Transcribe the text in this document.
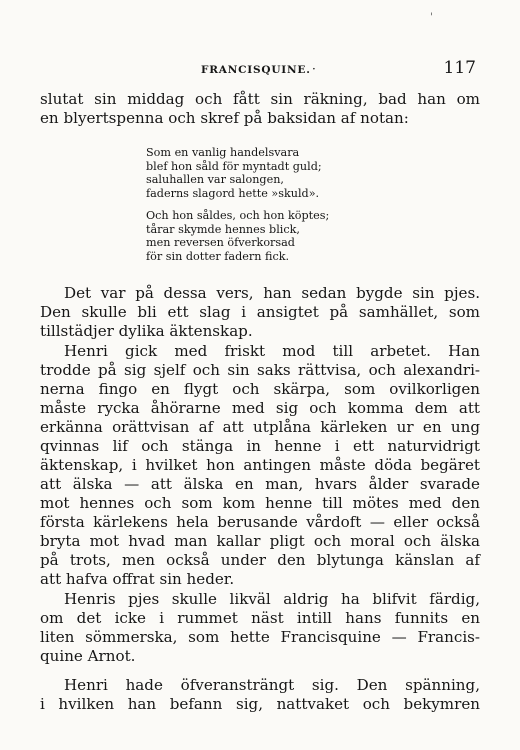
'
FRANCISQUINE. ·	117
slutat sin middag och fått sin räkning, bad han om
en blyertspenna och skref på baksidan af notan:
Som en vanlig handelsvara
blef hon såld för myntadt guld;
saluhallen var salongen,
faderns slagord hette »skuld».
Och hon såldes, och hon köptes;
tårar skymde hennes blick,
men reversen öfverkorsad
för sin dotter fadern fick.
Det var på dessa vers, han sedan bygde sin pjes.
Den skulle bli ett slag i ansigtet på samhället, som
tillstädjer dylika äktenskap.
Henri gick med friskt mod till arbetet. Han
trodde på sig sjelf och sin saks rättvisa, och alexandri-
nerna fingo en flygt och skärpa, som ovilkorligen
måste rycka åhörarne med sig och komma dem att
erkänna orättvisan af att utplåna kärleken ur en ung
qvinnas lif och stänga in henne i ett naturvidrigt
äktenskap, i hvilket hon antingen måste döda begäret
att älska — att älska en man, hvars ålder svarade
mot hennes och som kom henne till mötes med den
första kärlekens hela berusande vårdoft — eller också
bryta mot hvad man kallar pligt och moral och älska
på trots, men också under den blytunga känslan af
att hafva offrat sin heder.
Henris pjes skulle likväl aldrig ha blifvit färdig,
om det icke i rummet näst intill hans funnits en
liten sömmerska, som hette Francisquine — Francis-
quine Arnot.
Henri hade öfveransträngt sig. Den spänning,
i hvilken han befann sig, nattvaket och bekymren
